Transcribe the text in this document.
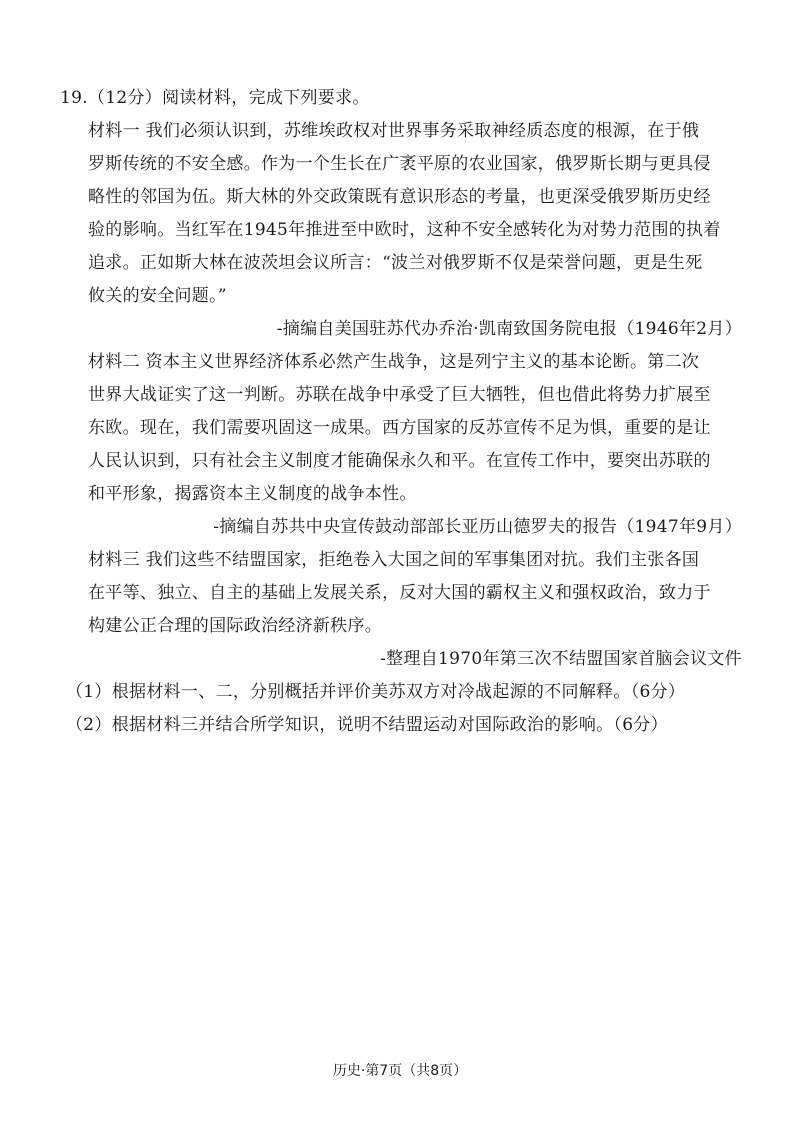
19.（12分）阅读材料，完成下列要求。
材料一 我们必须认识到，苏维埃政权对世界事务采取神经质态度的根源，在于俄
罗斯传统的不安全感。作为一个生长在广袤平原的农业国家，俄罗斯长期与更具侵
略性的邻国为伍。斯大林的外交政策既有意识形态的考量，也更深受俄罗斯历史经
验的影响。当红军在1945年推进至中欧时，这种不安全感转化为对势力范围的执着
追求。正如斯大林在波茨坦会议所言：“波兰对俄罗斯不仅是荣誉问题，更是生死
攸关的安全问题。”
-摘编自美国驻苏代办乔治·凯南致国务院电报（1946年2月）
材料二 资本主义世界经济体系必然产生战争，这是列宁主义的基本论断。第二次
世界大战证实了这一判断。苏联在战争中承受了巨大牺牲，但也借此将势力扩展至
东欧。现在，我们需要巩固这一成果。西方国家的反苏宣传不足为惧，重要的是让
人民认识到，只有社会主义制度才能确保永久和平。在宣传工作中，要突出苏联的
和平形象，揭露资本主义制度的战争本性。
-摘编自苏共中央宣传鼓动部部长亚历山德罗夫的报告（1947年9月）
材料三 我们这些不结盟国家，拒绝卷入大国之间的军事集团对抗。我们主张各国
在平等、独立、自主的基础上发展关系，反对大国的霸权主义和强权政治，致力于
构建公正合理的国际政治经济新秩序。
-整理自1970年第三次不结盟国家首脑会议文件
（1）根据材料一、二，分别概括并评价美苏双方对冷战起源的不同解释。（6分）
（2）根据材料三并结合所学知识，说明不结盟运动对国际政治的影响。（6分）
历史·第7页（共8页）
